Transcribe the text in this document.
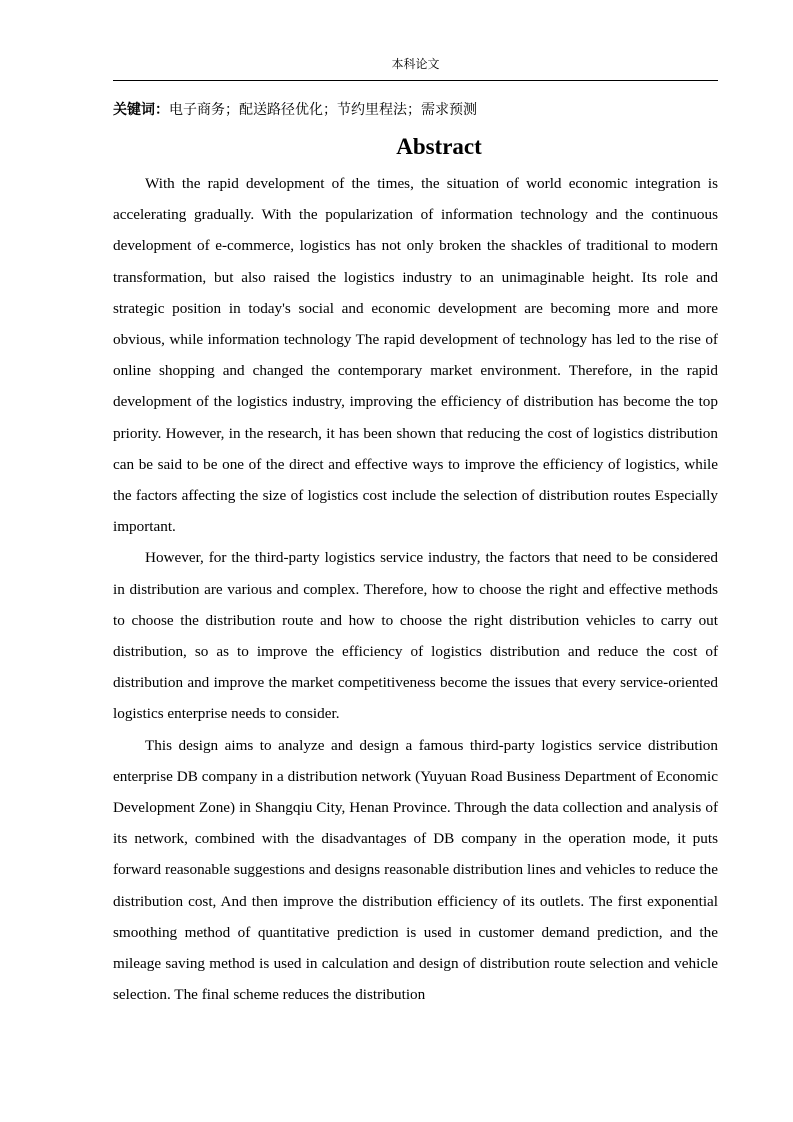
本科论文
关键词：电子商务；配送路径优化；节约里程法；需求预测
Abstract

With the rapid development of the times, the situation of world economic integration is accelerating gradually. With the popularization of information technology and the continuous development of e-commerce, logistics has not only broken the shackles of traditional to modern transformation, but also raised the logistics industry to an unimaginable height. Its role and strategic position in today's social and economic development are becoming more and more obvious, while information technology The rapid development of technology has led to the rise of online shopping and changed the contemporary market environment. Therefore, in the rapid development of the logistics industry, improving the efficiency of distribution has become the top priority. However, in the research, it has been shown that reducing the cost of logistics distribution can be said to be one of the direct and effective ways to improve the efficiency of logistics, while the factors affecting the size of logistics cost include the selection of distribution routes Especially important.

However, for the third-party logistics service industry, the factors that need to be considered in distribution are various and complex. Therefore, how to choose the right and effective methods to choose the distribution route and how to choose the right distribution vehicles to carry out distribution, so as to improve the efficiency of logistics distribution and reduce the cost of distribution and improve the market competitiveness become the issues that every service-oriented logistics enterprise needs to consider.

This design aims to analyze and design a famous third-party logistics service distribution enterprise DB company in a distribution network (Yuyuan Road Business Department of Economic Development Zone) in Shangqiu City, Henan Province. Through the data collection and analysis of its network, combined with the disadvantages of DB company in the operation mode, it puts forward reasonable suggestions and designs reasonable distribution lines and vehicles to reduce the distribution cost, And then improve the distribution efficiency of its outlets. The first exponential smoothing method of quantitative prediction is used in customer demand prediction, and the mileage saving method is used in calculation and design of distribution route selection and vehicle selection. The final scheme reduces the distribution
